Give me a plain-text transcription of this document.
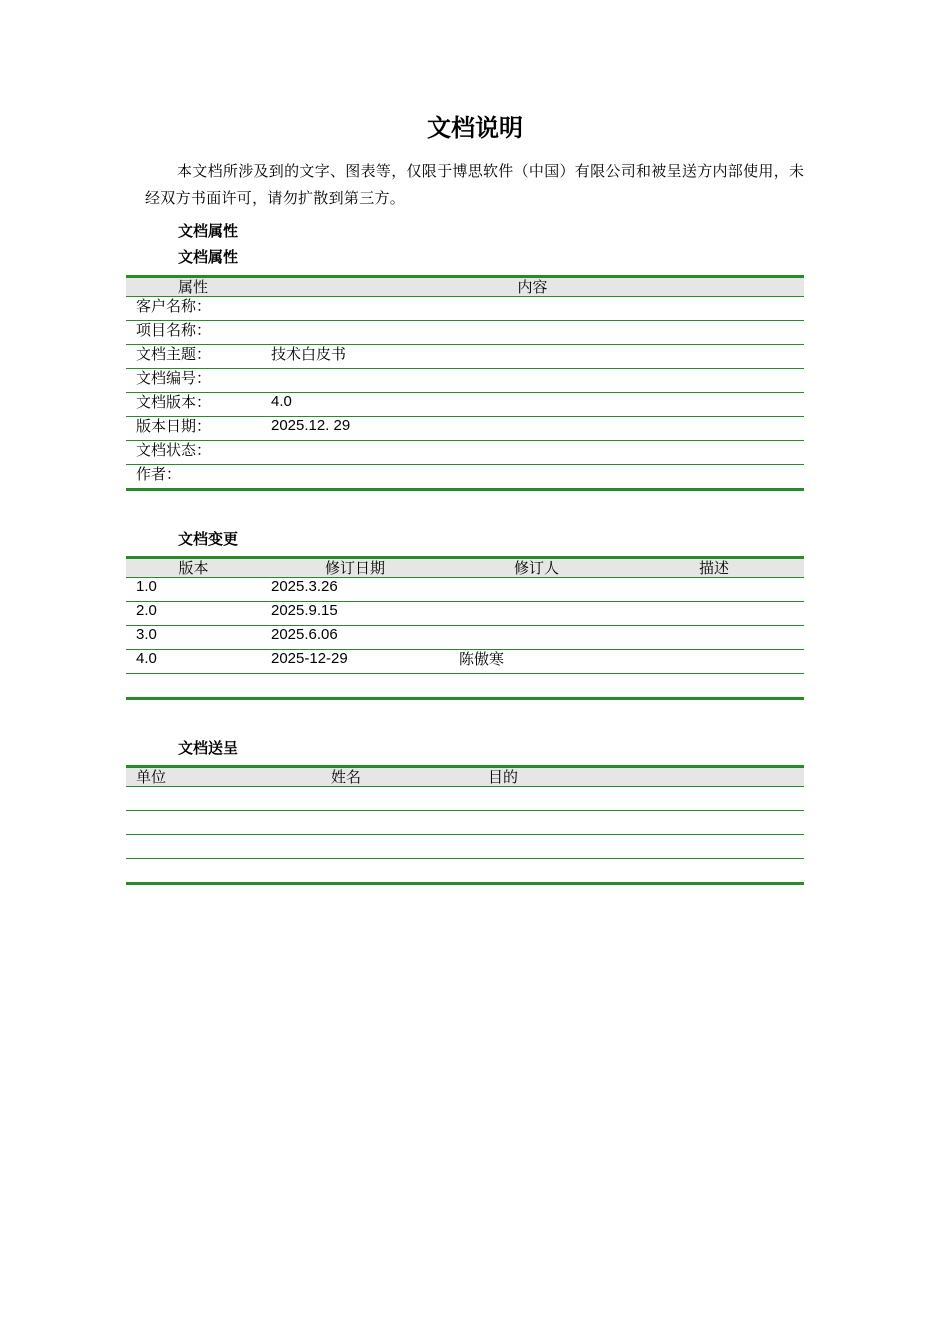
文档说明

本文档所涉及到的文字、图表等，仅限于博思软件（中国）有限公司和被呈送方内部使用，未经双方书面许可，请勿扩散到第三方。

文档属性
文档属性
属性	内容
客户名称：	
项目名称：	
文档主题：	技术白皮书
文档编号：	
文档版本：	4.0
版本日期：	2025.12. 29
文档状态：	
作者：	
文档变更
版本	修订日期	修订人	描述
1.0	2025.3.26		
2.0	2025.9.15		
3.0	2025.6.06		
4.0	2025-12-29	陈傲寒	

文档送呈
单位	姓名	目的
